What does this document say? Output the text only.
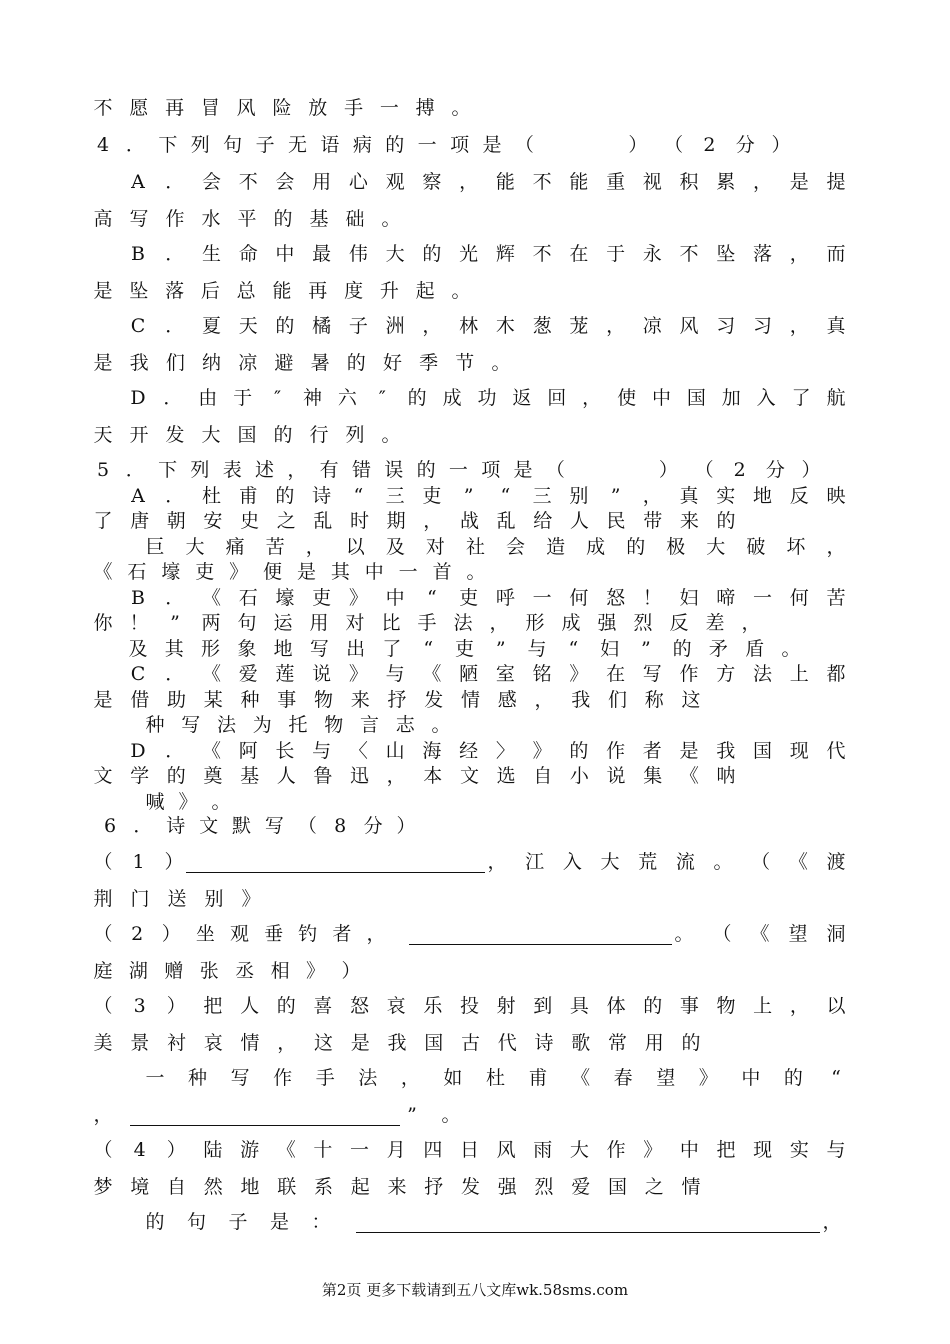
不 愿 再 冒 风 险 放 手 一 搏 。
4 ． 下 列 句 子 无 语 病 的 一 项 是 （	） （ 2 分 ）
A ． 会 不 会 用 心 观 察 ， 能 不 能 重 视 积 累 ， 是 提
高 写 作 水 平 的 基 础 。
B ． 生 命 中 最 伟 大 的 光 辉 不 在 于 永 不 坠 落 ， 而
是 坠 落 后 总 能 再 度 升 起 。
C ． 夏 天 的 橘 子 洲 ， 林 木 葱 茏 ， 凉 风 习 习 ， 真
是 我 们 纳 凉 避 暑 的 好 季 节 。
D ． 由 于	″	神 六	″	的 成 功 返 回 ， 使 中 国 加 入 了 航
天 开 发 大 国 的 行 列 。
5 ． 下 列 表 述 ， 有 错 误 的 一 项 是 （	） （ 2 分 ）
A ． 杜 甫 的 诗 “ 三 吏 ” “ 三 别 ” ， 真 实 地 反 映
了 唐 朝 安 史 之 乱 时 期 ， 战 乱 给 人 民 带 来 的
巨 大 痛 苦 ， 以 及 对 社 会 造 成 的 极 大 破 坏 ，
《 石 壕 吏 》 便 是 其 中 一 首 。
B ． 《 石 壕 吏 》 中 “ 吏 呼 一 何 怒 ！ 妇 啼 一 何 苦
你 ！ ” 两 句 运 用 对 比 手 法 ， 形 成 强 烈 反 差 ，
及 其 形 象 地 写 出 了 “ 吏 ” 与 “ 妇 ” 的 矛 盾 。
C ． 《 爱 莲 说 》 与 《 陋 室 铭 》 在 写 作 方 法 上 都
是 借 助 某 种 事 物 来 抒 发 情 感 ， 我 们 称 这
种 写 法 为 托 物 言 志 。
D ． 《 阿 长 与 〈 山 海 经 〉 》 的 作 者 是 我 国 现 代
文 学 的 奠 基 人 鲁 迅 ， 本 文 选 自 小 说 集 《 呐
喊 》 。
6 ． 诗 文 默 写 （ 8 分 ）
（ 1 ）	， 江 入 大 荒 流 。 （ 《 渡
荆 门 送 别 》
（ 2 ） 坐 观 垂 钓 者 ，	。 （ 《 望 洞
庭 湖 赠 张 丞 相 》 ）
（ 3 ） 把 人 的 喜 怒 哀 乐 投 射 到 具 体 的 事 物 上 ， 以
美 景 衬 哀 情 ， 这 是 我 国 古 代 诗 歌 常 用 的
一 种 写 作 手 法 ， 如 杜 甫 《 春 望 》 中 的 “
，	” 。
（ 4 ） 陆 游 《 十 一 月 四 日 风 雨 大 作 》 中 把 现 实 与
梦 境 自 然 地 联 系 起 来 抒 发 强 烈 爱 国 之 情
的 句 子 是 ：	，
第2页 更多下载请到五八文库wk.58sms.com
